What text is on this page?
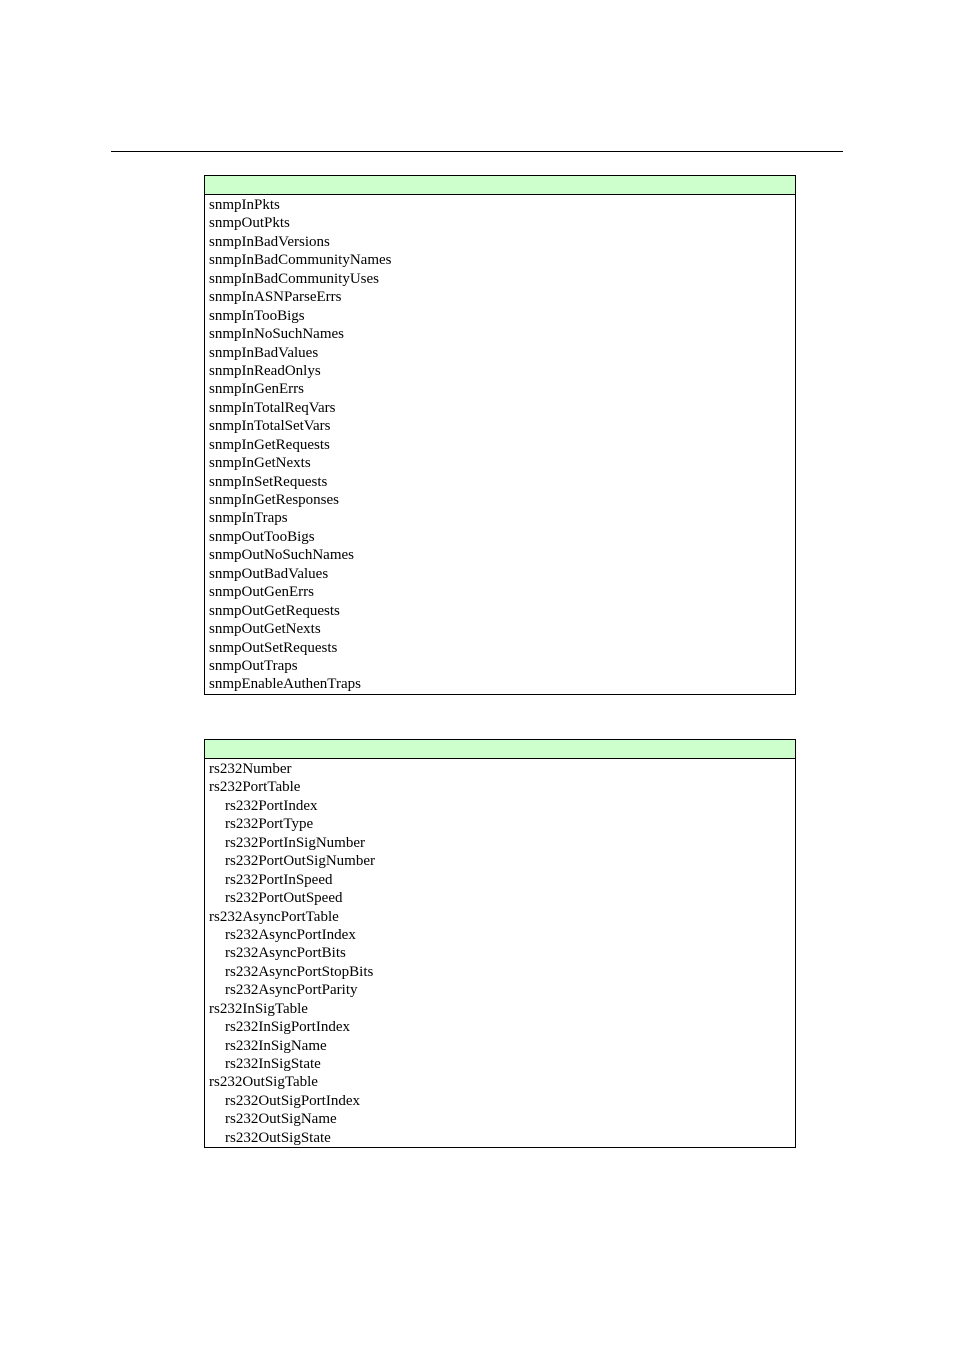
snmpInPkts
snmpOutPkts
snmpInBadVersions
snmpInBadCommunityNames
snmpInBadCommunityUses
snmpInASNParseErrs
snmpInTooBigs
snmpInNoSuchNames
snmpInBadValues
snmpInReadOnlys
snmpInGenErrs
snmpInTotalReqVars
snmpInTotalSetVars
snmpInGetRequests
snmpInGetNexts
snmpInSetRequests
snmpInGetResponses
snmpInTraps
snmpOutTooBigs
snmpOutNoSuchNames
snmpOutBadValues
snmpOutGenErrs
snmpOutGetRequests
snmpOutGetNexts
snmpOutSetRequests
snmpOutTraps
snmpEnableAuthenTraps
rs232Number
rs232PortTable
rs232PortIndex
rs232PortType
rs232PortInSigNumber
rs232PortOutSigNumber
rs232PortInSpeed
rs232PortOutSpeed
rs232AsyncPortTable
rs232AsyncPortIndex
rs232AsyncPortBits
rs232AsyncPortStopBits
rs232AsyncPortParity
rs232InSigTable
rs232InSigPortIndex
rs232InSigName
rs232InSigState
rs232OutSigTable
rs232OutSigPortIndex
rs232OutSigName
rs232OutSigState
